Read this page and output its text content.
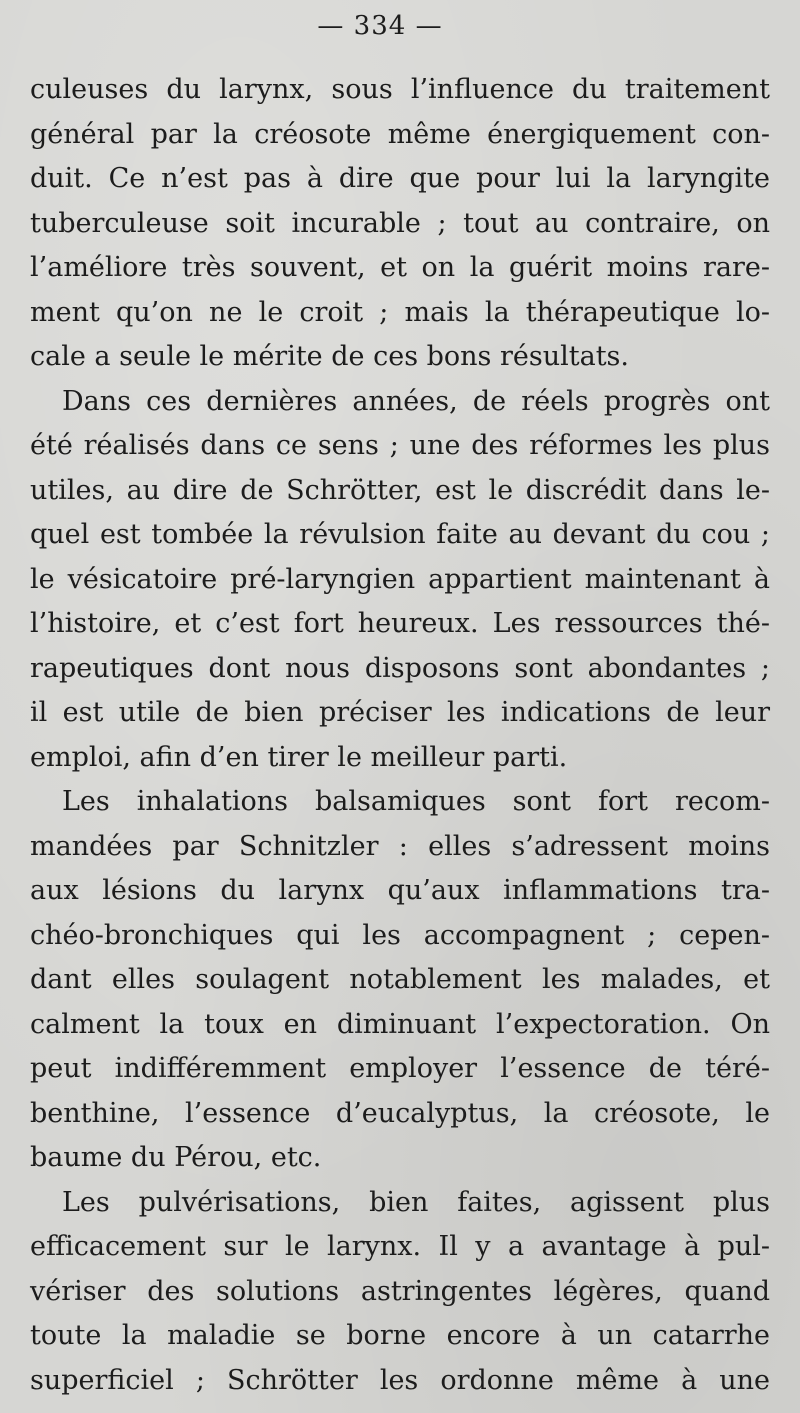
— 334 —
culeuses du larynx, sous l’influence du traitement
général par la créosote même énergiquement con-
duit. Ce n’est pas à dire que pour lui la laryngite
tuberculeuse soit incurable ; tout au contraire, on
l’améliore très souvent, et on la guérit moins rare-
ment qu’on ne le croit ; mais la thérapeutique lo-
cale a seule le mérite de ces bons résultats.
Dans ces dernières années, de réels progrès ont
été réalisés dans ce sens ; une des réformes les plus
utiles, au dire de Schrötter, est le discrédit dans le-
quel est tombée la révulsion faite au devant du cou ;
le vésicatoire pré-laryngien appartient maintenant à
l’histoire, et c’est fort heureux. Les ressources thé-
rapeutiques dont nous disposons sont abondantes ;
il est utile de bien préciser les indications de leur
emploi, afin d’en tirer le meilleur parti.
Les inhalations balsamiques sont fort recom-
mandées par Schnitzler : elles s’adressent moins
aux lésions du larynx qu’aux inflammations tra-
chéo-bronchiques qui les accompagnent ; cepen-
dant elles soulagent notablement les malades, et
calment la toux en diminuant l’expectoration. On
peut indifféremment employer l’essence de téré-
benthine, l’essence d’eucalyptus, la créosote, le
baume du Pérou, etc.
Les pulvérisations, bien faites, agissent plus
efficacement sur le larynx. Il y a avantage à pul-
vériser des solutions astringentes légères, quand
toute la maladie se borne encore à un catarrhe
superficiel ; Schrötter les ordonne même à une
